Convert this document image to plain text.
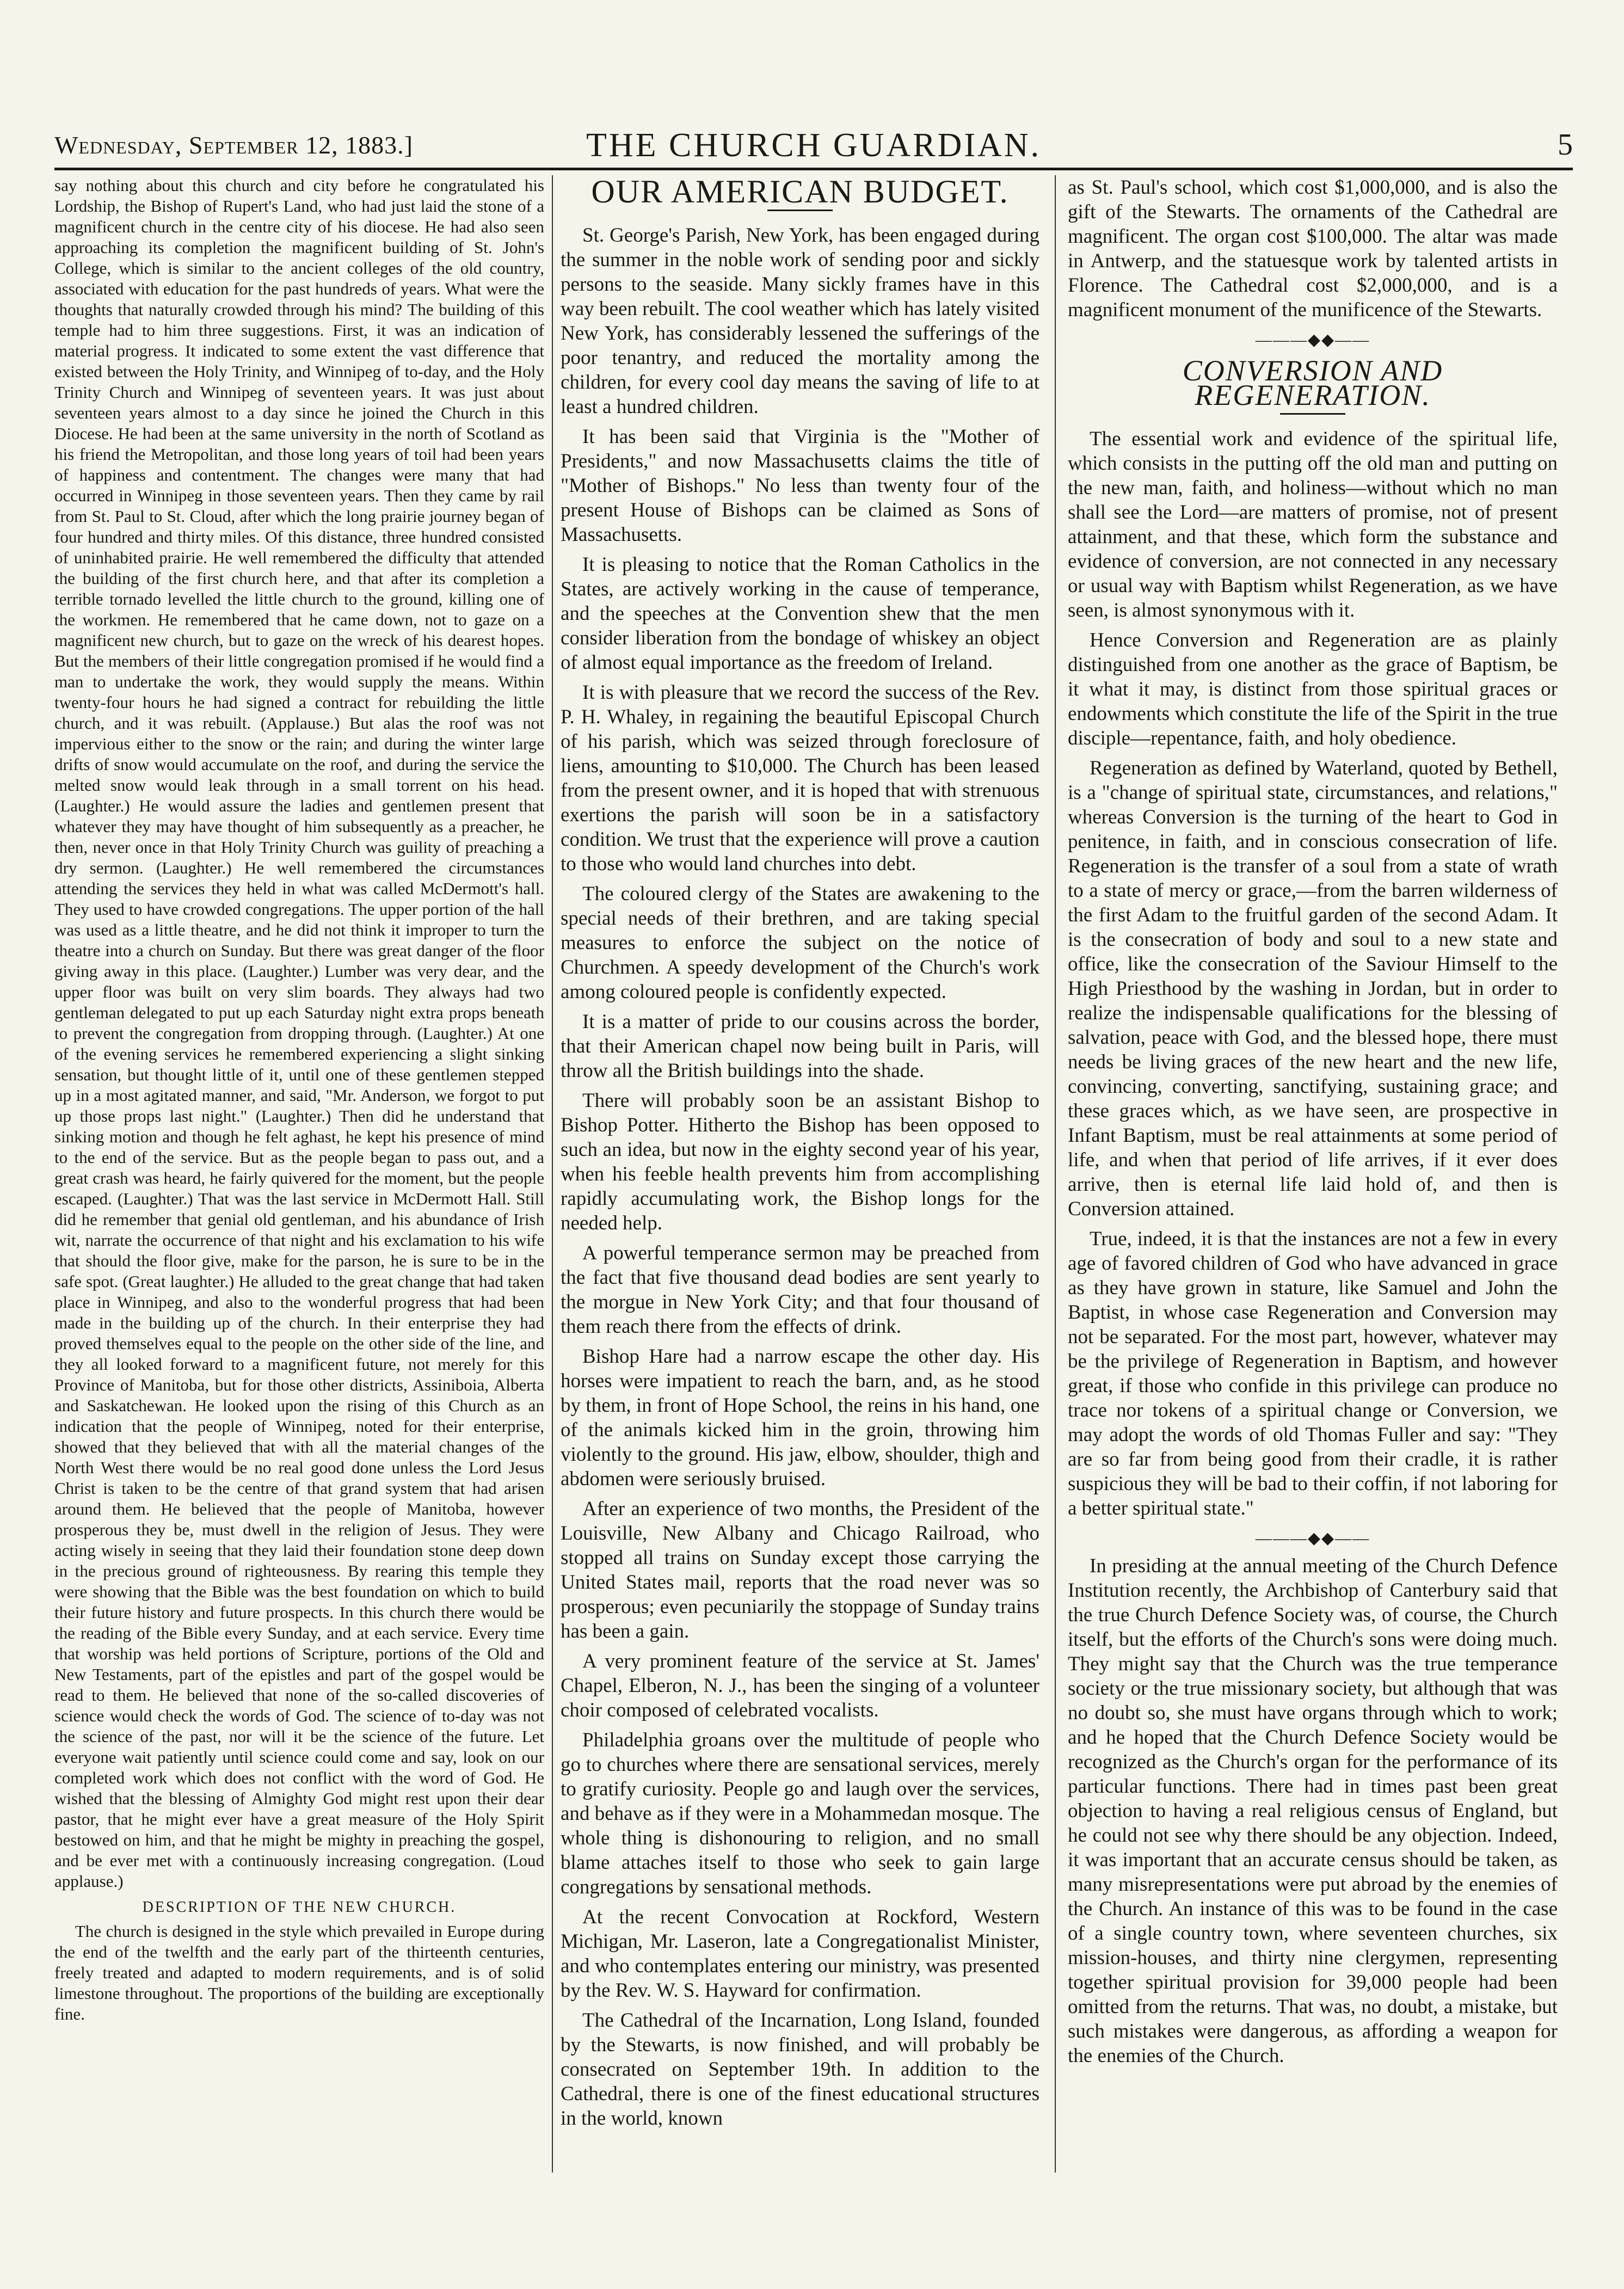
Wednesday, September 12, 1883.]	THE CHURCH GUARDIAN.	5

say nothing about this church and city before he congratulated his Lordship, the Bishop of Rupert's Land, who had just laid the stone of a magnificent church in the centre city of his diocese. He had also seen approaching its completion the magnificent building of St. John's College, which is similar to the ancient colleges of the old country, associated with education for the past hundreds of years. What were the thoughts that naturally crowded through his mind? The building of this temple had to him three suggestions. First, it was an indication of material progress. It indicated to some extent the vast difference that existed between the Holy Trinity, and Winnipeg of to-day, and the Holy Trinity Church and Winnipeg of seventeen years. It was just about seventeen years almost to a day since he joined the Church in this Diocese. He had been at the same university in the north of Scotland as his friend the Metropolitan, and those long years of toil had been years of happiness and contentment. The changes were many that had occurred in Winnipeg in those seventeen years. Then they came by rail from St. Paul to St. Cloud, after which the long prairie journey began of four hundred and thirty miles. Of this distance, three hundred consisted of uninhabited prairie. He well remembered the difficulty that attended the building of the first church here, and that after its completion a terrible tornado levelled the little church to the ground, killing one of the workmen. He remembered that he came down, not to gaze on a magnificent new church, but to gaze on the wreck of his dearest hopes. But the members of their little congregation promised if he would find a man to undertake the work, they would supply the means. Within twenty-four hours he had signed a contract for rebuilding the little church, and it was rebuilt. (Applause.) But alas the roof was not impervious either to the snow or the rain; and during the winter large drifts of snow would accumulate on the roof, and during the service the melted snow would leak through in a small torrent on his head. (Laughter.) He would assure the ladies and gentlemen present that whatever they may have thought of him subsequently as a preacher, he then, never once in that Holy Trinity Church was guility of preaching a dry sermon. (Laughter.) He well remembered the circumstances attending the services they held in what was called McDermott's hall. They used to have crowded congregations. The upper portion of the hall was used as a little theatre, and he did not think it improper to turn the theatre into a church on Sunday. But there was great danger of the floor giving away in this place. (Laughter.) Lumber was very dear, and the upper floor was built on very slim boards. They always had two gentleman delegated to put up each Saturday night extra props beneath to prevent the congregation from dropping through. (Laughter.) At one of the evening services he remembered experiencing a slight sinking sensation, but thought little of it, until one of these gentlemen stepped up in a most agitated manner, and said, "Mr. Anderson, we forgot to put up those props last night." (Laughter.) Then did he understand that sinking motion and though he felt aghast, he kept his presence of mind to the end of the service. But as the people began to pass out, and a great crash was heard, he fairly quivered for the moment, but the people escaped. (Laughter.) That was the last service in McDermott Hall. Still did he remember that genial old gentleman, and his abundance of Irish wit, narrate the occurrence of that night and his exclamation to his wife that should the floor give, make for the parson, he is sure to be in the safe spot. (Great laughter.) He alluded to the great change that had taken place in Winnipeg, and also to the wonderful progress that had been made in the building up of the church. In their enterprise they had proved themselves equal to the people on the other side of the line, and they all looked forward to a magnificent future, not merely for this Province of Manitoba, but for those other districts, Assiniboia, Alberta and Saskatchewan. He looked upon the rising of this Church as an indication that the people of Winnipeg, noted for their enterprise, showed that they believed that with all the material changes of the North West there would be no real good done unless the Lord Jesus Christ is taken to be the centre of that grand system that had arisen around them. He believed that the people of Manitoba, however prosperous they be, must dwell in the religion of Jesus. They were acting wisely in seeing that they laid their foundation stone deep down in the precious ground of righteousness. By rearing this temple they were showing that the Bible was the best foundation on which to build their future history and future prospects. In this church there would be the reading of the Bible every Sunday, and at each service. Every time that worship was held portions of Scripture, portions of the Old and New Testaments, part of the epistles and part of the gospel would be read to them. He believed that none of the so-called discoveries of science would check the words of God. The science of to-day was not the science of the past, nor will it be the science of the future. Let everyone wait patiently until science could come and say, look on our completed work which does not conflict with the word of God. He wished that the blessing of Almighty God might rest upon their dear pastor, that he might ever have a great measure of the Holy Spirit bestowed on him, and that he might be mighty in preaching the gospel, and be ever met with a continuously increasing congregation. (Loud applause.)

DESCRIPTION OF THE NEW CHURCH.

The church is designed in the style which prevailed in Europe during the end of the twelfth and the early part of the thirteenth centuries, freely treated and adapted to modern requirements, and is of solid limestone throughout. The proportions of the building are exceptionally fine.

OUR AMERICAN BUDGET.

St. George's Parish, New York, has been engaged during the summer in the noble work of sending poor and sickly persons to the seaside. Many sickly frames have in this way been rebuilt. The cool weather which has lately visited New York, has considerably lessened the sufferings of the poor tenantry, and reduced the mortality among the children, for every cool day means the saving of life to at least a hundred children.

It has been said that Virginia is the "Mother of Presidents," and now Massachusetts claims the title of "Mother of Bishops." No less than twenty four of the present House of Bishops can be claimed as Sons of Massachusetts.

It is pleasing to notice that the Roman Catholics in the States, are actively working in the cause of temperance, and the speeches at the Convention shew that the men consider liberation from the bondage of whiskey an object of almost equal importance as the freedom of Ireland.

It is with pleasure that we record the success of the Rev. P. H. Whaley, in regaining the beautiful Episcopal Church of his parish, which was seized through foreclosure of liens, amounting to $10,000. The Church has been leased from the present owner, and it is hoped that with strenuous exertions the parish will soon be in a satisfactory condition. We trust that the experience will prove a caution to those who would land churches into debt.

The coloured clergy of the States are awakening to the special needs of their brethren, and are taking special measures to enforce the subject on the notice of Churchmen. A speedy development of the Church's work among coloured people is confidently expected.

It is a matter of pride to our cousins across the border, that their American chapel now being built in Paris, will throw all the British buildings into the shade.

There will probably soon be an assistant Bishop to Bishop Potter. Hitherto the Bishop has been opposed to such an idea, but now in the eighty second year of his year, when his feeble health prevents him from accomplishing rapidly accumulating work, the Bishop longs for the needed help.

A powerful temperance sermon may be preached from the fact that five thousand dead bodies are sent yearly to the morgue in New York City; and that four thousand of them reach there from the effects of drink.

Bishop Hare had a narrow escape the other day. His horses were impatient to reach the barn, and, as he stood by them, in front of Hope School, the reins in his hand, one of the animals kicked him in the groin, throwing him violently to the ground. His jaw, elbow, shoulder, thigh and abdomen were seriously bruised.

After an experience of two months, the President of the Louisville, New Albany and Chicago Railroad, who stopped all trains on Sunday except those carrying the United States mail, reports that the road never was so prosperous; even pecuniarily the stoppage of Sunday trains has been a gain.

A very prominent feature of the service at St. James' Chapel, Elberon, N. J., has been the singing of a volunteer choir composed of celebrated vocalists.

Philadelphia groans over the multitude of people who go to churches where there are sensational services, merely to gratify curiosity. People go and laugh over the services, and behave as if they were in a Mohammedan mosque. The whole thing is dishonouring to religion, and no small blame attaches itself to those who seek to gain large congregations by sensational methods.

At the recent Convocation at Rockford, Western Michigan, Mr. Laseron, late a Congregationalist Minister, and who contemplates entering our ministry, was presented by the Rev. W. S. Hayward for confirmation.

The Cathedral of the Incarnation, Long Island, founded by the Stewarts, is now finished, and will probably be consecrated on September 19th. In addition to the Cathedral, there is one of the finest educational structures in the world, known

as St. Paul's school, which cost $1,000,000, and is also the gift of the Stewarts. The ornaments of the Cathedral are magnificent. The organ cost $100,000. The altar was made in Antwerp, and the statuesque work by talented artists in Florence. The Cathedral cost $2,000,000, and is a magnificent monument of the munificence of the Stewarts.

———◆◆——
CONVERSION AND REGENERATION.

The essential work and evidence of the spiritual life, which consists in the putting off the old man and putting on the new man, faith, and holiness—without which no man shall see the Lord—are matters of promise, not of present attainment, and that these, which form the substance and evidence of conversion, are not connected in any necessary or usual way with Baptism whilst Regeneration, as we have seen, is almost synonymous with it.

Hence Conversion and Regeneration are as plainly distinguished from one another as the grace of Baptism, be it what it may, is distinct from those spiritual graces or endowments which constitute the life of the Spirit in the true disciple—repentance, faith, and holy obedience.

Regeneration as defined by Waterland, quoted by Bethell, is a "change of spiritual state, circumstances, and relations," whereas Conversion is the turning of the heart to God in penitence, in faith, and in conscious consecration of life. Regeneration is the transfer of a soul from a state of wrath to a state of mercy or grace,—from the barren wilderness of the first Adam to the fruitful garden of the second Adam. It is the consecration of body and soul to a new state and office, like the consecration of the Saviour Himself to the High Priesthood by the washing in Jordan, but in order to realize the indispensable qualifications for the blessing of salvation, peace with God, and the blessed hope, there must needs be living graces of the new heart and the new life, convincing, converting, sanctifying, sustaining grace; and these graces which, as we have seen, are prospective in Infant Baptism, must be real attainments at some period of life, and when that period of life arrives, if it ever does arrive, then is eternal life laid hold of, and then is Conversion attained.

True, indeed, it is that the instances are not a few in every age of favored children of God who have advanced in grace as they have grown in stature, like Samuel and John the Baptist, in whose case Regeneration and Conversion may not be separated. For the most part, however, whatever may be the privilege of Regeneration in Baptism, and however great, if those who confide in this privilege can produce no trace nor tokens of a spiritual change or Conversion, we may adopt the words of old Thomas Fuller and say: "They are so far from being good from their cradle, it is rather suspicious they will be bad to their coffin, if not laboring for a better spiritual state."

———◆◆——

In presiding at the annual meeting of the Church Defence Institution recently, the Archbishop of Canterbury said that the true Church Defence Society was, of course, the Church itself, but the efforts of the Church's sons were doing much. They might say that the Church was the true temperance society or the true missionary society, but although that was no doubt so, she must have organs through which to work; and he hoped that the Church Defence Society would be recognized as the Church's organ for the performance of its particular functions. There had in times past been great objection to having a real religious census of England, but he could not see why there should be any objection. Indeed, it was important that an accurate census should be taken, as many misrepresentations were put abroad by the enemies of the Church. An instance of this was to be found in the case of a single country town, where seventeen churches, six mission-houses, and thirty nine clergymen, representing together spiritual provision for 39,000 people had been omitted from the returns. That was, no doubt, a mistake, but such mistakes were dangerous, as affording a weapon for the enemies of the Church.
